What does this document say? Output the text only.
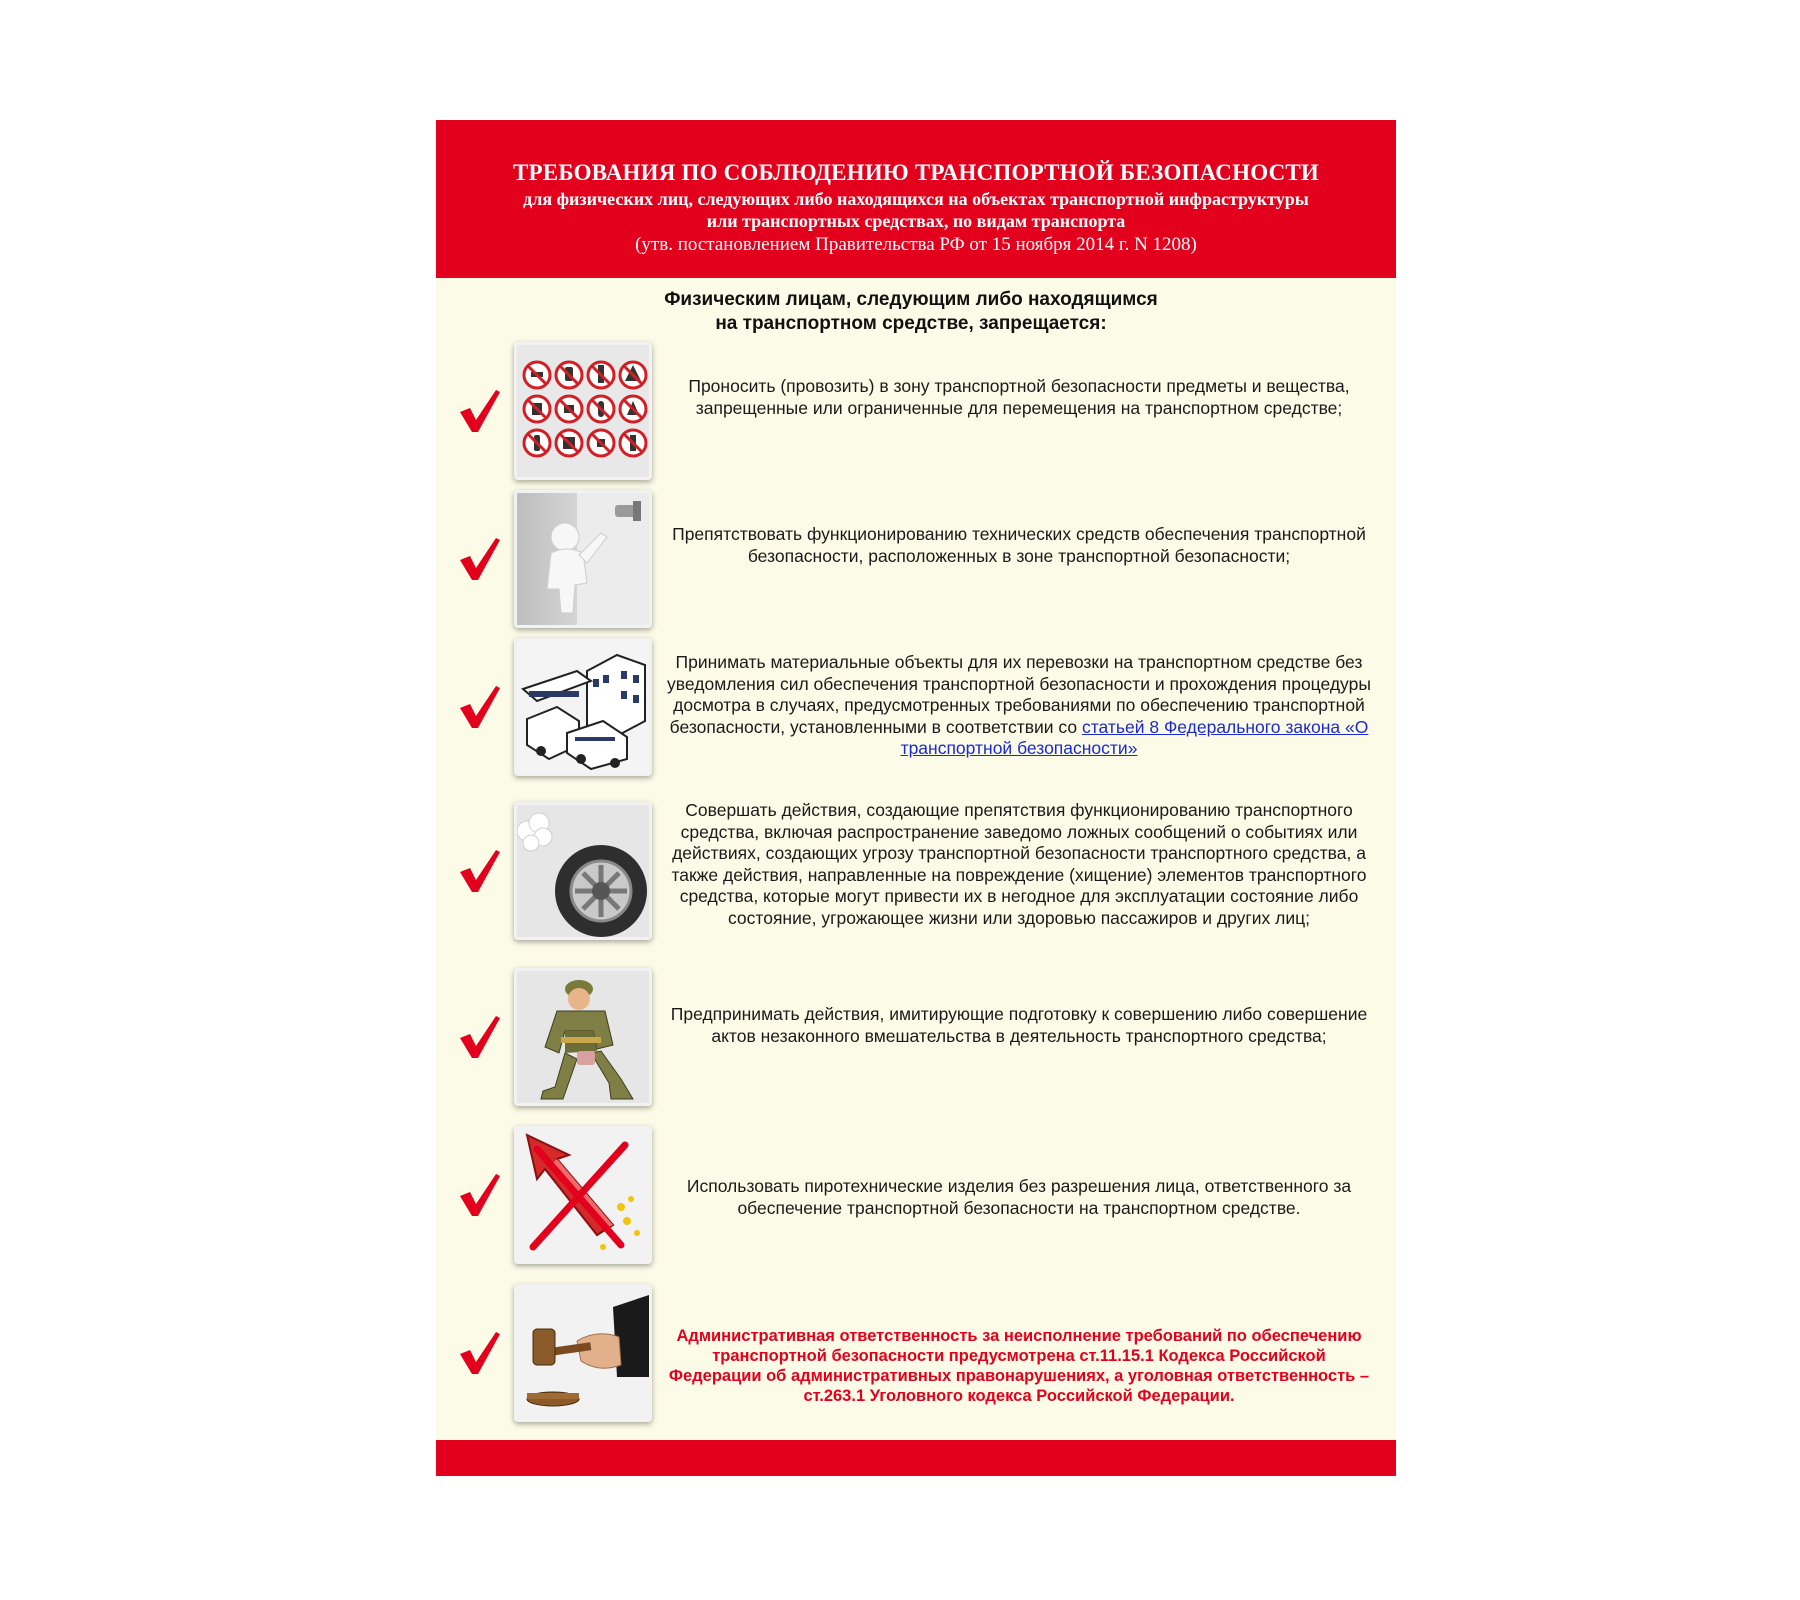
ТРЕБОВАНИЯ ПО СОБЛЮДЕНИЮ ТРАНСПОРТНОЙ БЕЗОПАСНОСТИ
для физических лиц, следующих либо находящихся на объектах транспортной инфраструктуры
или транспортных средствах, по видам транспорта
(утв. постановлением Правительства РФ от 15 ноября 2014 г. N 1208)
Физическим лицам, следующим либо находящимся
на транспортном средстве, запрещается:
Проносить (провозить) в зону транспортной безопасности предметы и вещества, запрещенные или ограниченные для перемещения на транспортном средстве;
Препятствовать функционированию технических средств обеспечения транспортной безопасности, расположенных в зоне транспортной безопасности;
Принимать материальные объекты для их перевозки на транспортном средстве без уведомления сил обеспечения транспортной безопасности и прохождения процедуры досмотра в случаях, предусмотренных требованиями по обеспечению транспортной безопасности, установленными в соответствии со статьей 8 Федерального закона «О транспортной безопасности»
Совершать действия, создающие препятствия функционированию транспортного средства, включая распространение заведомо ложных сообщений о событиях или действиях, создающих угрозу транспортной безопасности транспортного средства, а также действия, направленные на повреждение (хищение) элементов транспортного средства, которые могут привести их в негодное для эксплуатации состояние либо состояние, угрожающее жизни или здоровью пассажиров и других лиц;
Предпринимать действия, имитирующие подготовку к совершению либо совершение актов незаконного вмешательства в деятельность транспортного средства;
Использовать пиротехнические изделия без разрешения лица, ответственного за обеспечение транспортной безопасности на транспортном средстве.
Административная ответственность за неисполнение требований по обеспечению транспортной безопасности предусмотрена ст.11.15.1 Кодекса Российской Федерации об административных правонарушениях, а уголовная ответственность – ст.263.1 Уголовного кодекса Российской Федерации.
